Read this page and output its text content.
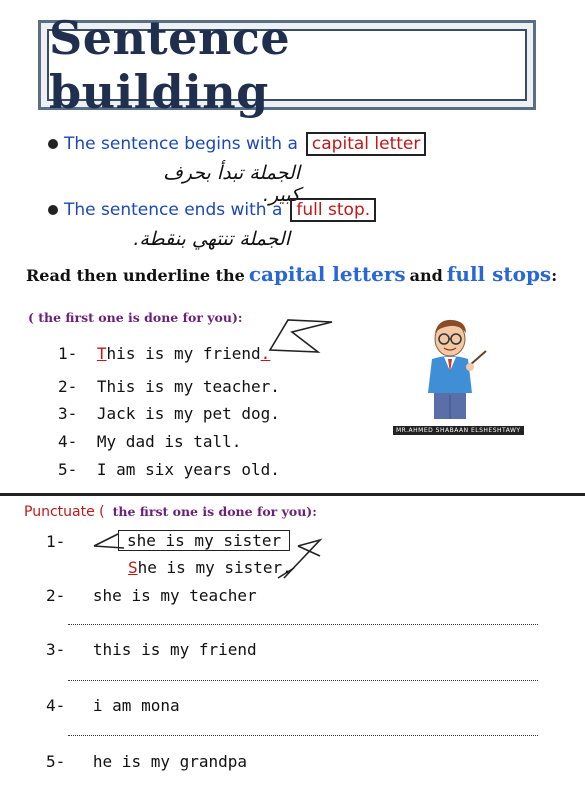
Sentence building
The sentence begins with a capital letter
الجملة تبدأ بحرف كبير.
The sentence ends with a full stop.
الجملة تنتهي بنقطة.
Read then underline the capital letters and full stops :
( the first one is done for you):
1- This is my friend.
2- This is my teacher.
3- Jack is my pet dog.
4- My dad is tall.
5- I am six years old.
MR.AHMED SHABAAN ELSHESHTAWY
Punctuate ( the first one is done for you):
1-	she is my sister
She is my sister.
2- she is my teacher
3- this is my friend
4- i am mona
5- he is my grandpa
